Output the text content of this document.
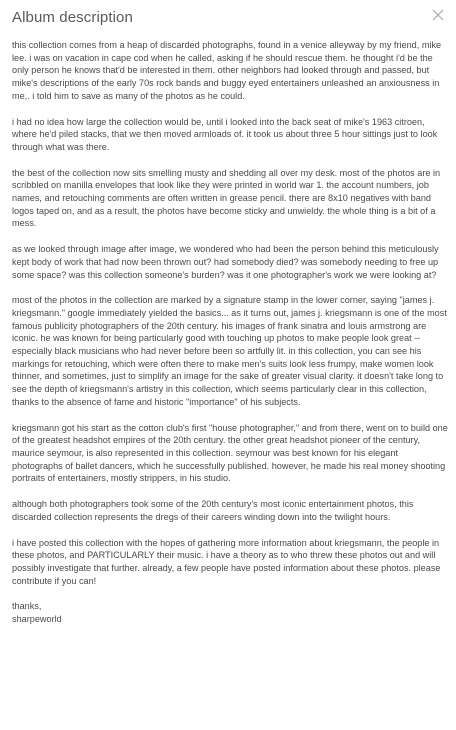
Album description

this collection comes from a heap of discarded photographs, found in a venice alleyway by my friend, mike lee. i was on vacation in cape cod when he called, asking if he should rescue them. he thought i'd be the only person he knows that'd be interested in them. other neighbors had looked through and passed, but mike's descriptions of the early 70s rock bands and buggy eyed entertainers unleashed an anxiousness in me,. i told him to save as many of the photos as he could.

i had no idea how large the collection would be, until i looked into the back seat of mike's 1963 citroen, where he'd piled stacks, that we then moved armloads of. it took us about three 5 hour sittings just to look through what was there.

the best of the collection now sits smelling musty and shedding all over my desk. most of the photos are in scribbled on manilla envelopes that look like they were printed in world war 1. the account numbers, job names, and retouching comments are often written in grease pencil. there are 8x10 negatives with band logos taped on, and as a result, the photos have become sticky and unwieldy. the whole thing is a bit of a mess.

as we looked through image after image, we wondered who had been the person behind this meticulously kept body of work that had now been thrown out? had somebody died? was somebody needing to free up some space? was this collection someone's burden? was it one photographer's work we were looking at?

most of the photos in the collection are marked by a signature stamp in the lower corner, saying "james j. kriegsmann." google immediately yielded the basics... as it turns out, james j. kriegsmann is one of the most famous publicity photographers of the 20th century. his images of frank sinatra and louis armstrong are iconic. he was known for being particularly good with touching up photos to make people look great -- especially black musicians who had never before been so artfully lit. in this collection, you can see his markings for retouching, which were often there to make men's suits look less frumpy, make women look thinner, and sometimes, just to simplify an image for the sake of greater visual clarity. it doesn't take long to see the depth of kriegsmann's artistry in this collection, which seems particularly clear in this collection, thanks to the absence of fame and historic "importance" of his subjects.

kriegsmann got his start as the cotton club's first "house photographer," and from there, went on to build one of the greatest headshot empires of the 20th century. the other great headshot pioneer of the century, maurice seymour, is also represented in this collection. seymour was best known for his elegant photographs of ballet dancers, which he successfully published. however, he made his real money shooting portraits of entertainers, mostly strippers, in his studio.

although both photographers took some of the 20th century's most iconic entertainment photos, this discarded collection represents the dregs of their careers winding down into the twilight hours.

i have posted this collection with the hopes of gathering more information about kriegsmann, the people in these photos, and PARTICULARLY their music. i have a theory as to who threw these photos out and will possibly investigate that further. already, a few people have posted information about these photos. please contribute if you can!

thanks,
sharpeworld
